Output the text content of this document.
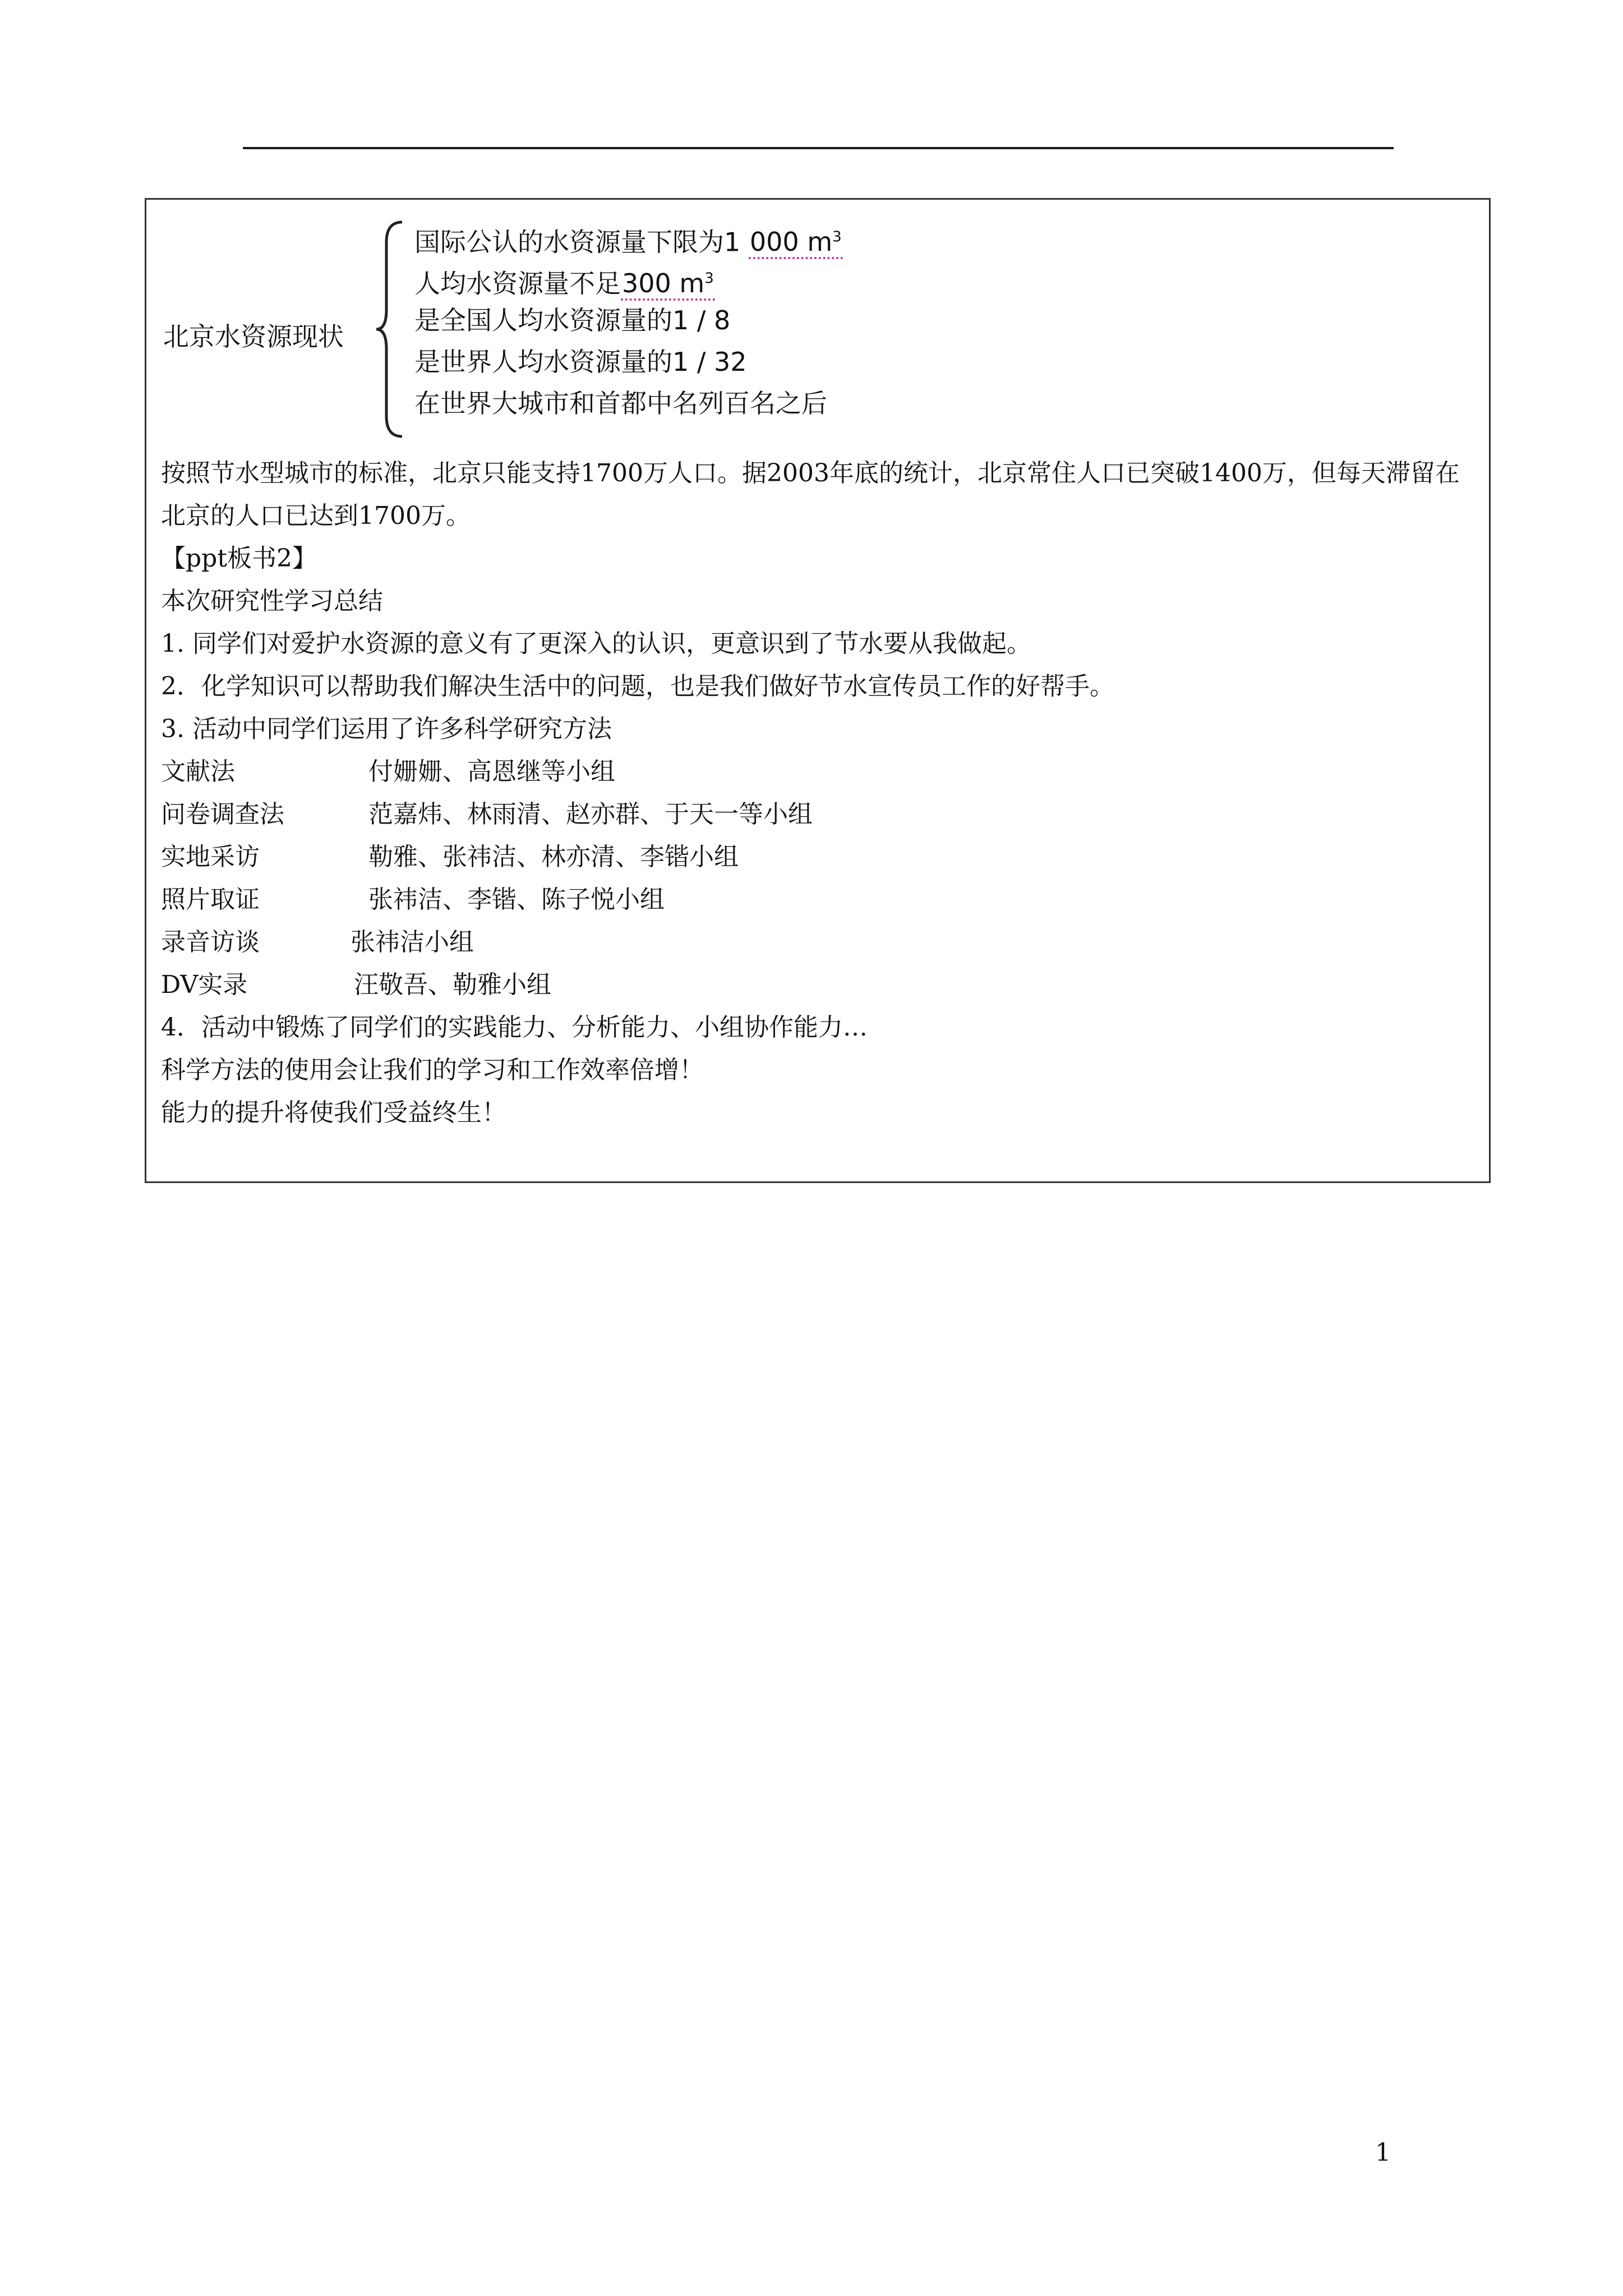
北京水资源现状
国际公认的水资源量下限为1 000 $m^3$
人均水资源量不足300 $m^3$
是全国人均水资源量的1 / 8
是世界人均水资源量的1 / 32
在世界大城市和首都中名列百名之后
按照节水型城市的标准，北京只能支持1700万人口。据2003年底的统计，北京常住人口已突破1400万，但每天滞留在北京的人口已达到1700万。
【ppt板书2】
本次研究性学习总结
1. 同学们对爱护水资源的意义有了更深入的认识，更意识到了节水要从我做起。
2．化学知识可以帮助我们解决生活中的问题，也是我们做好节水宣传员工作的好帮手。
3. 活动中同学们运用了许多科学研究方法
文献法	付姗姗、高恩继等小组
问卷调查法	范嘉炜、林雨清、赵亦群、于天一等小组
实地采访	勒雅、张祎洁、林亦清、李锴小组
照片取证	张祎洁、李锴、陈子悦小组
录音访谈	张祎洁小组
DV实录	汪敬吾、勒雅小组
4．活动中锻炼了同学们的实践能力、分析能力、小组协作能力…
科学方法的使用会让我们的学习和工作效率倍增！
能力的提升将使我们受益终生！
1
